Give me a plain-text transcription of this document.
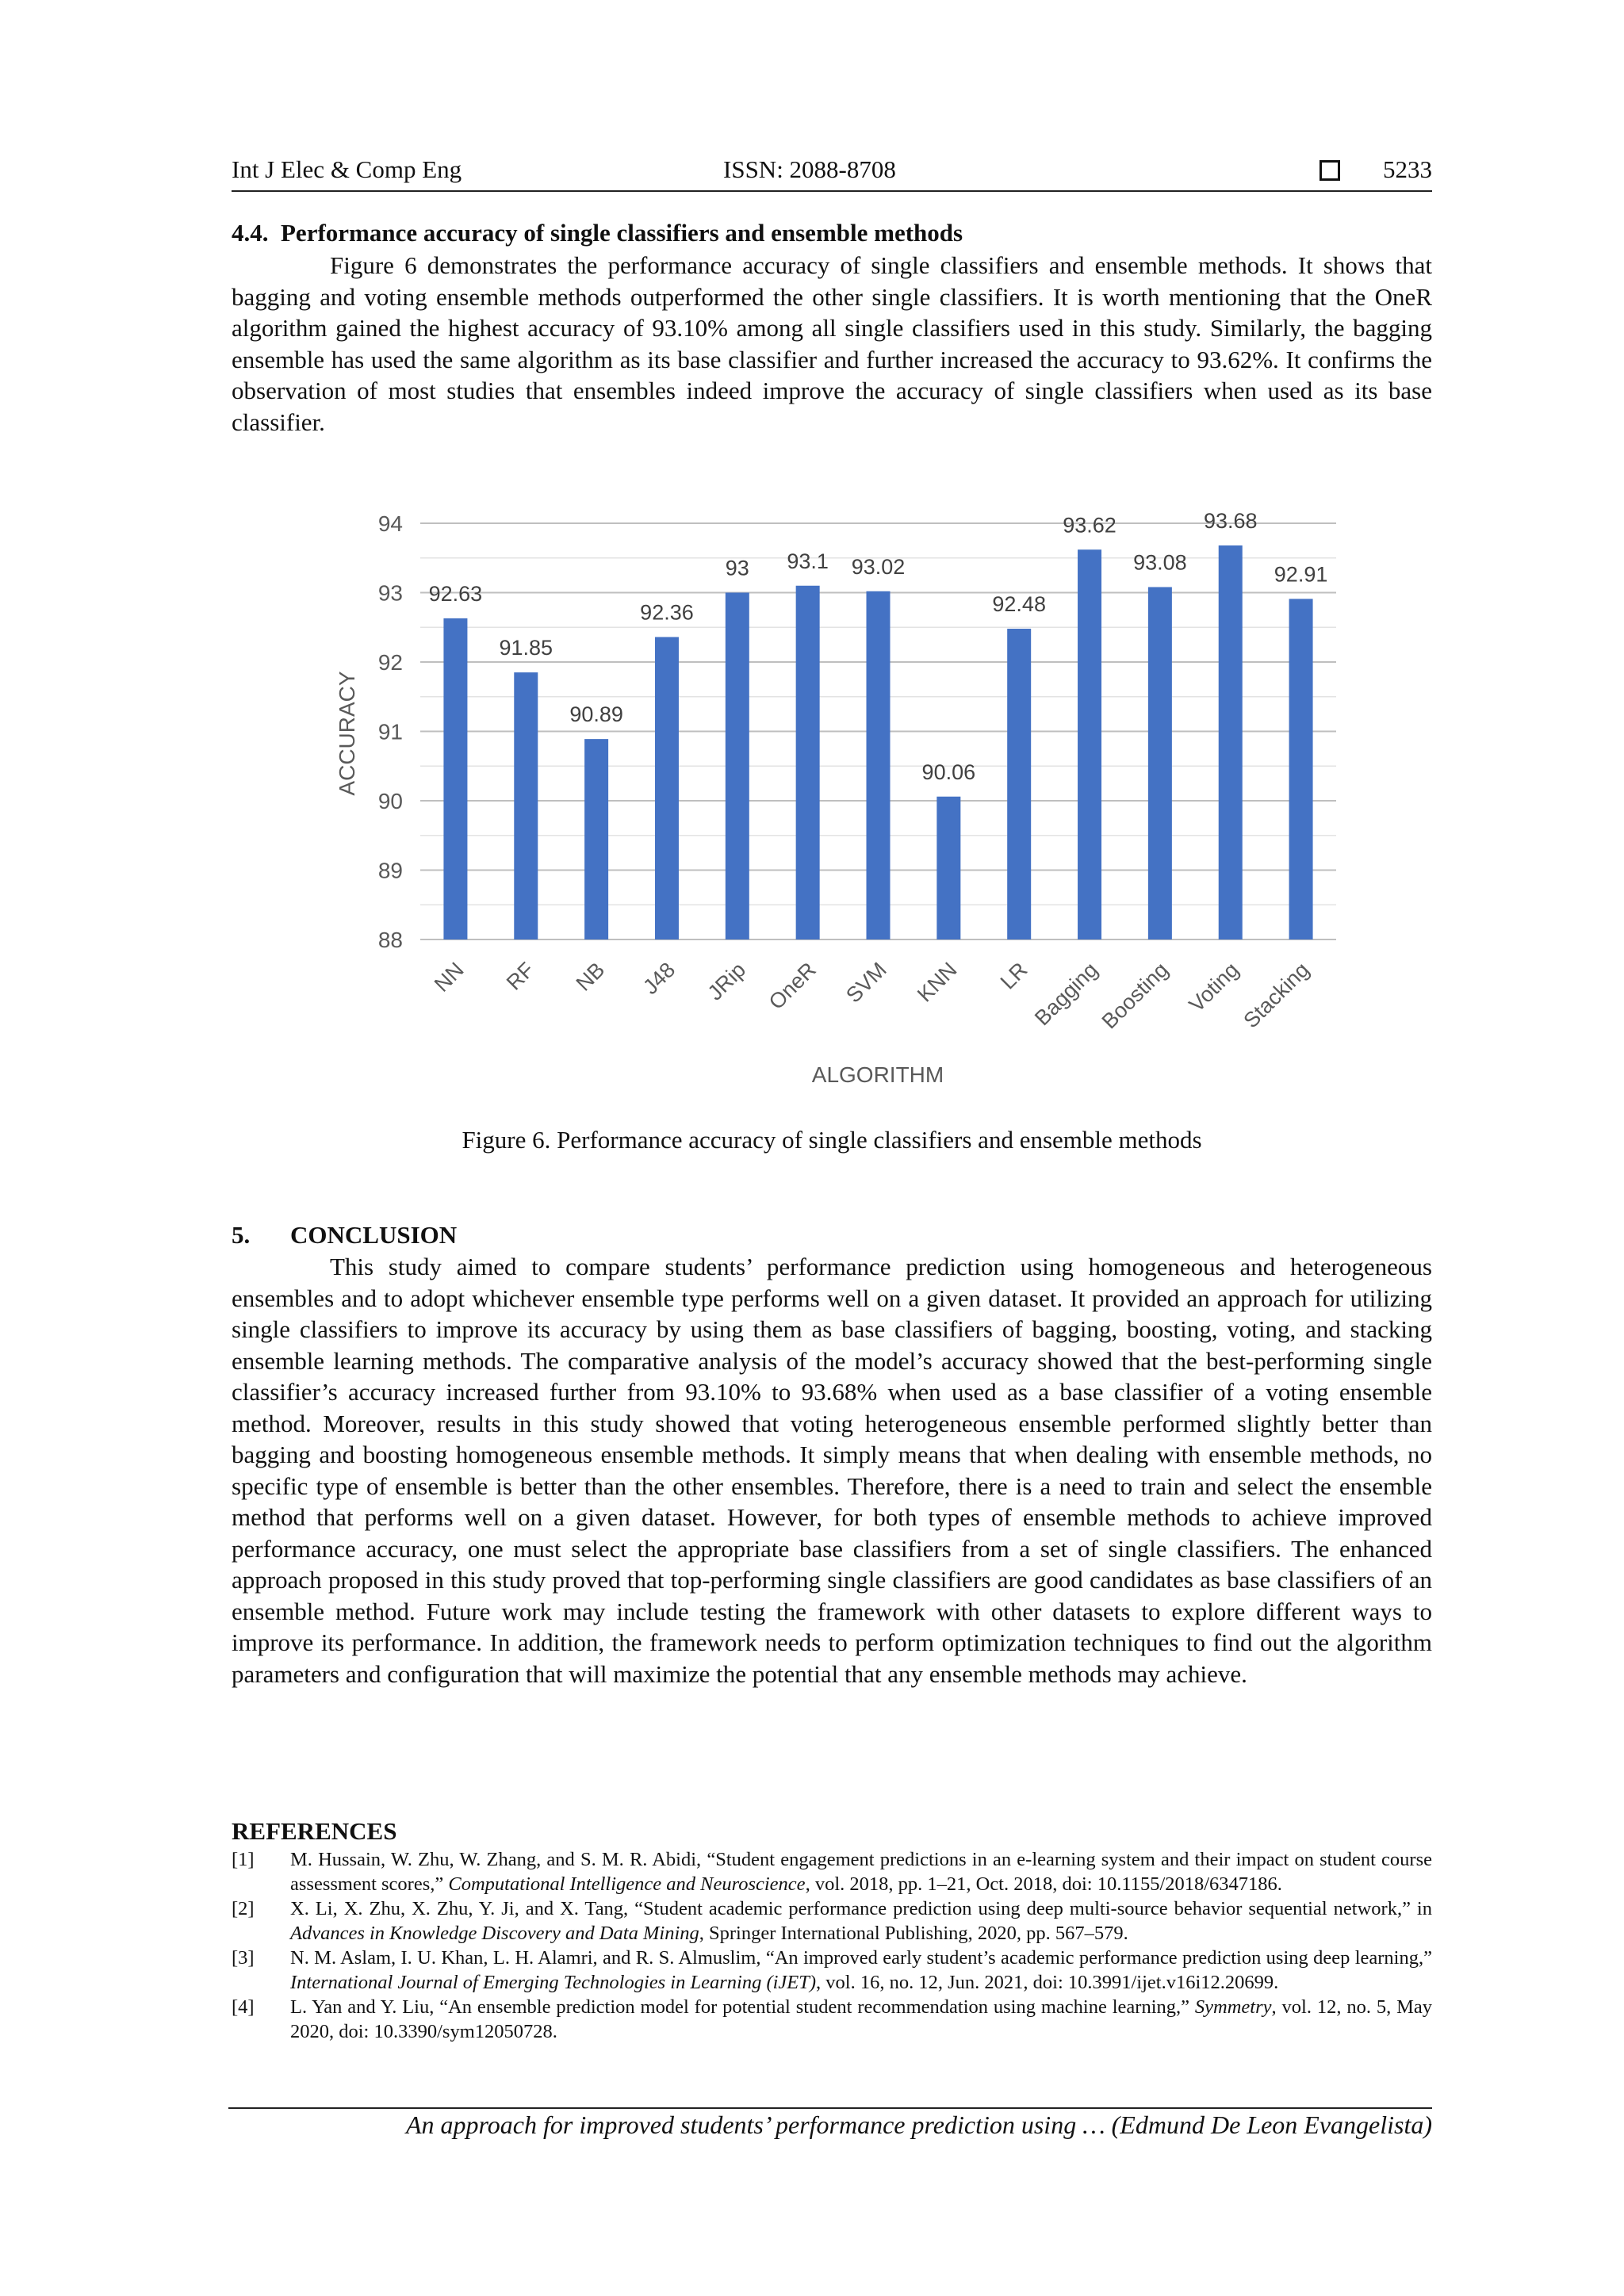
Int J Elec & Comp Eng	ISSN: 2088-8708	5233
4.4. Performance accuracy of single classifiers and ensemble methods

Figure 6 demonstrates the performance accuracy of single classifiers and ensemble methods. It shows that bagging and voting ensemble methods outperformed the other single classifiers. It is worth mentioning that the OneR algorithm gained the highest accuracy of 93.10% among all single classifiers used in this study. Similarly, the bagging ensemble has used the same algorithm as its base classifier and further increased the accuracy to 93.62%. It confirms the observation of most studies that ensembles indeed improve the accuracy of single classifiers when used as its base classifier.

88
89
90
91
92
93
94
92.63
NN
91.85
RF
90.89
NB
92.36
J48
93
JRip
93.1
OneR
93.02
SVM
90.06
KNN
92.48
LR
93.62
Bagging
93.08
Boosting
93.68
Voting
92.91
Stacking
ACCURACY
ALGORITHM
Figure 6. Performance accuracy of single classifiers and ensemble methods
5. CONCLUSION

This study aimed to compare students’ performance prediction using homogeneous and heterogeneous ensembles and to adopt whichever ensemble type performs well on a given dataset. It provided an approach for utilizing single classifiers to improve its accuracy by using them as base classifiers of bagging, boosting, voting, and stacking ensemble learning methods. The comparative analysis of the model’s accuracy showed that the best-performing single classifier’s accuracy increased further from 93.10% to 93.68% when used as a base classifier of a voting ensemble method. Moreover, results in this study showed that voting heterogeneous ensemble performed slightly better than bagging and boosting homogeneous ensemble methods. It simply means that when dealing with ensemble methods, no specific type of ensemble is better than the other ensembles. Therefore, there is a need to train and select the ensemble method that performs well on a given dataset. However, for both types of ensemble methods to achieve improved performance accuracy, one must select the appropriate base classifiers from a set of single classifiers. The enhanced approach proposed in this study proved that top-performing single classifiers are good candidates as base classifiers of an ensemble method. Future work may include testing the framework with other datasets to explore different ways to improve its performance. In addition, the framework needs to perform optimization techniques to find out the algorithm parameters and configuration that will maximize the potential that any ensemble methods may achieve.

REFERENCES
[1] M. Hussain, W. Zhu, W. Zhang, and S. M. R. Abidi, “Student engagement predictions in an e-learning system and their impact on student course assessment scores,” Computational Intelligence and Neuroscience, vol. 2018, pp. 1–21, Oct. 2018, doi: 10.1155/2018/6347186.
[2] X. Li, X. Zhu, X. Zhu, Y. Ji, and X. Tang, “Student academic performance prediction using deep multi-source behavior sequential network,” in Advances in Knowledge Discovery and Data Mining, Springer International Publishing, 2020, pp. 567–579.
[3] N. M. Aslam, I. U. Khan, L. H. Alamri, and R. S. Almuslim, “An improved early student’s academic performance prediction using deep learning,” International Journal of Emerging Technologies in Learning (iJET), vol. 16, no. 12, Jun. 2021, doi: 10.3991/ijet.v16i12.20699.
[4] L. Yan and Y. Liu, “An ensemble prediction model for potential student recommendation using machine learning,” Symmetry, vol. 12, no. 5, May 2020, doi: 10.3390/sym12050728.
An approach for improved students’ performance prediction using … (Edmund De Leon Evangelista)
